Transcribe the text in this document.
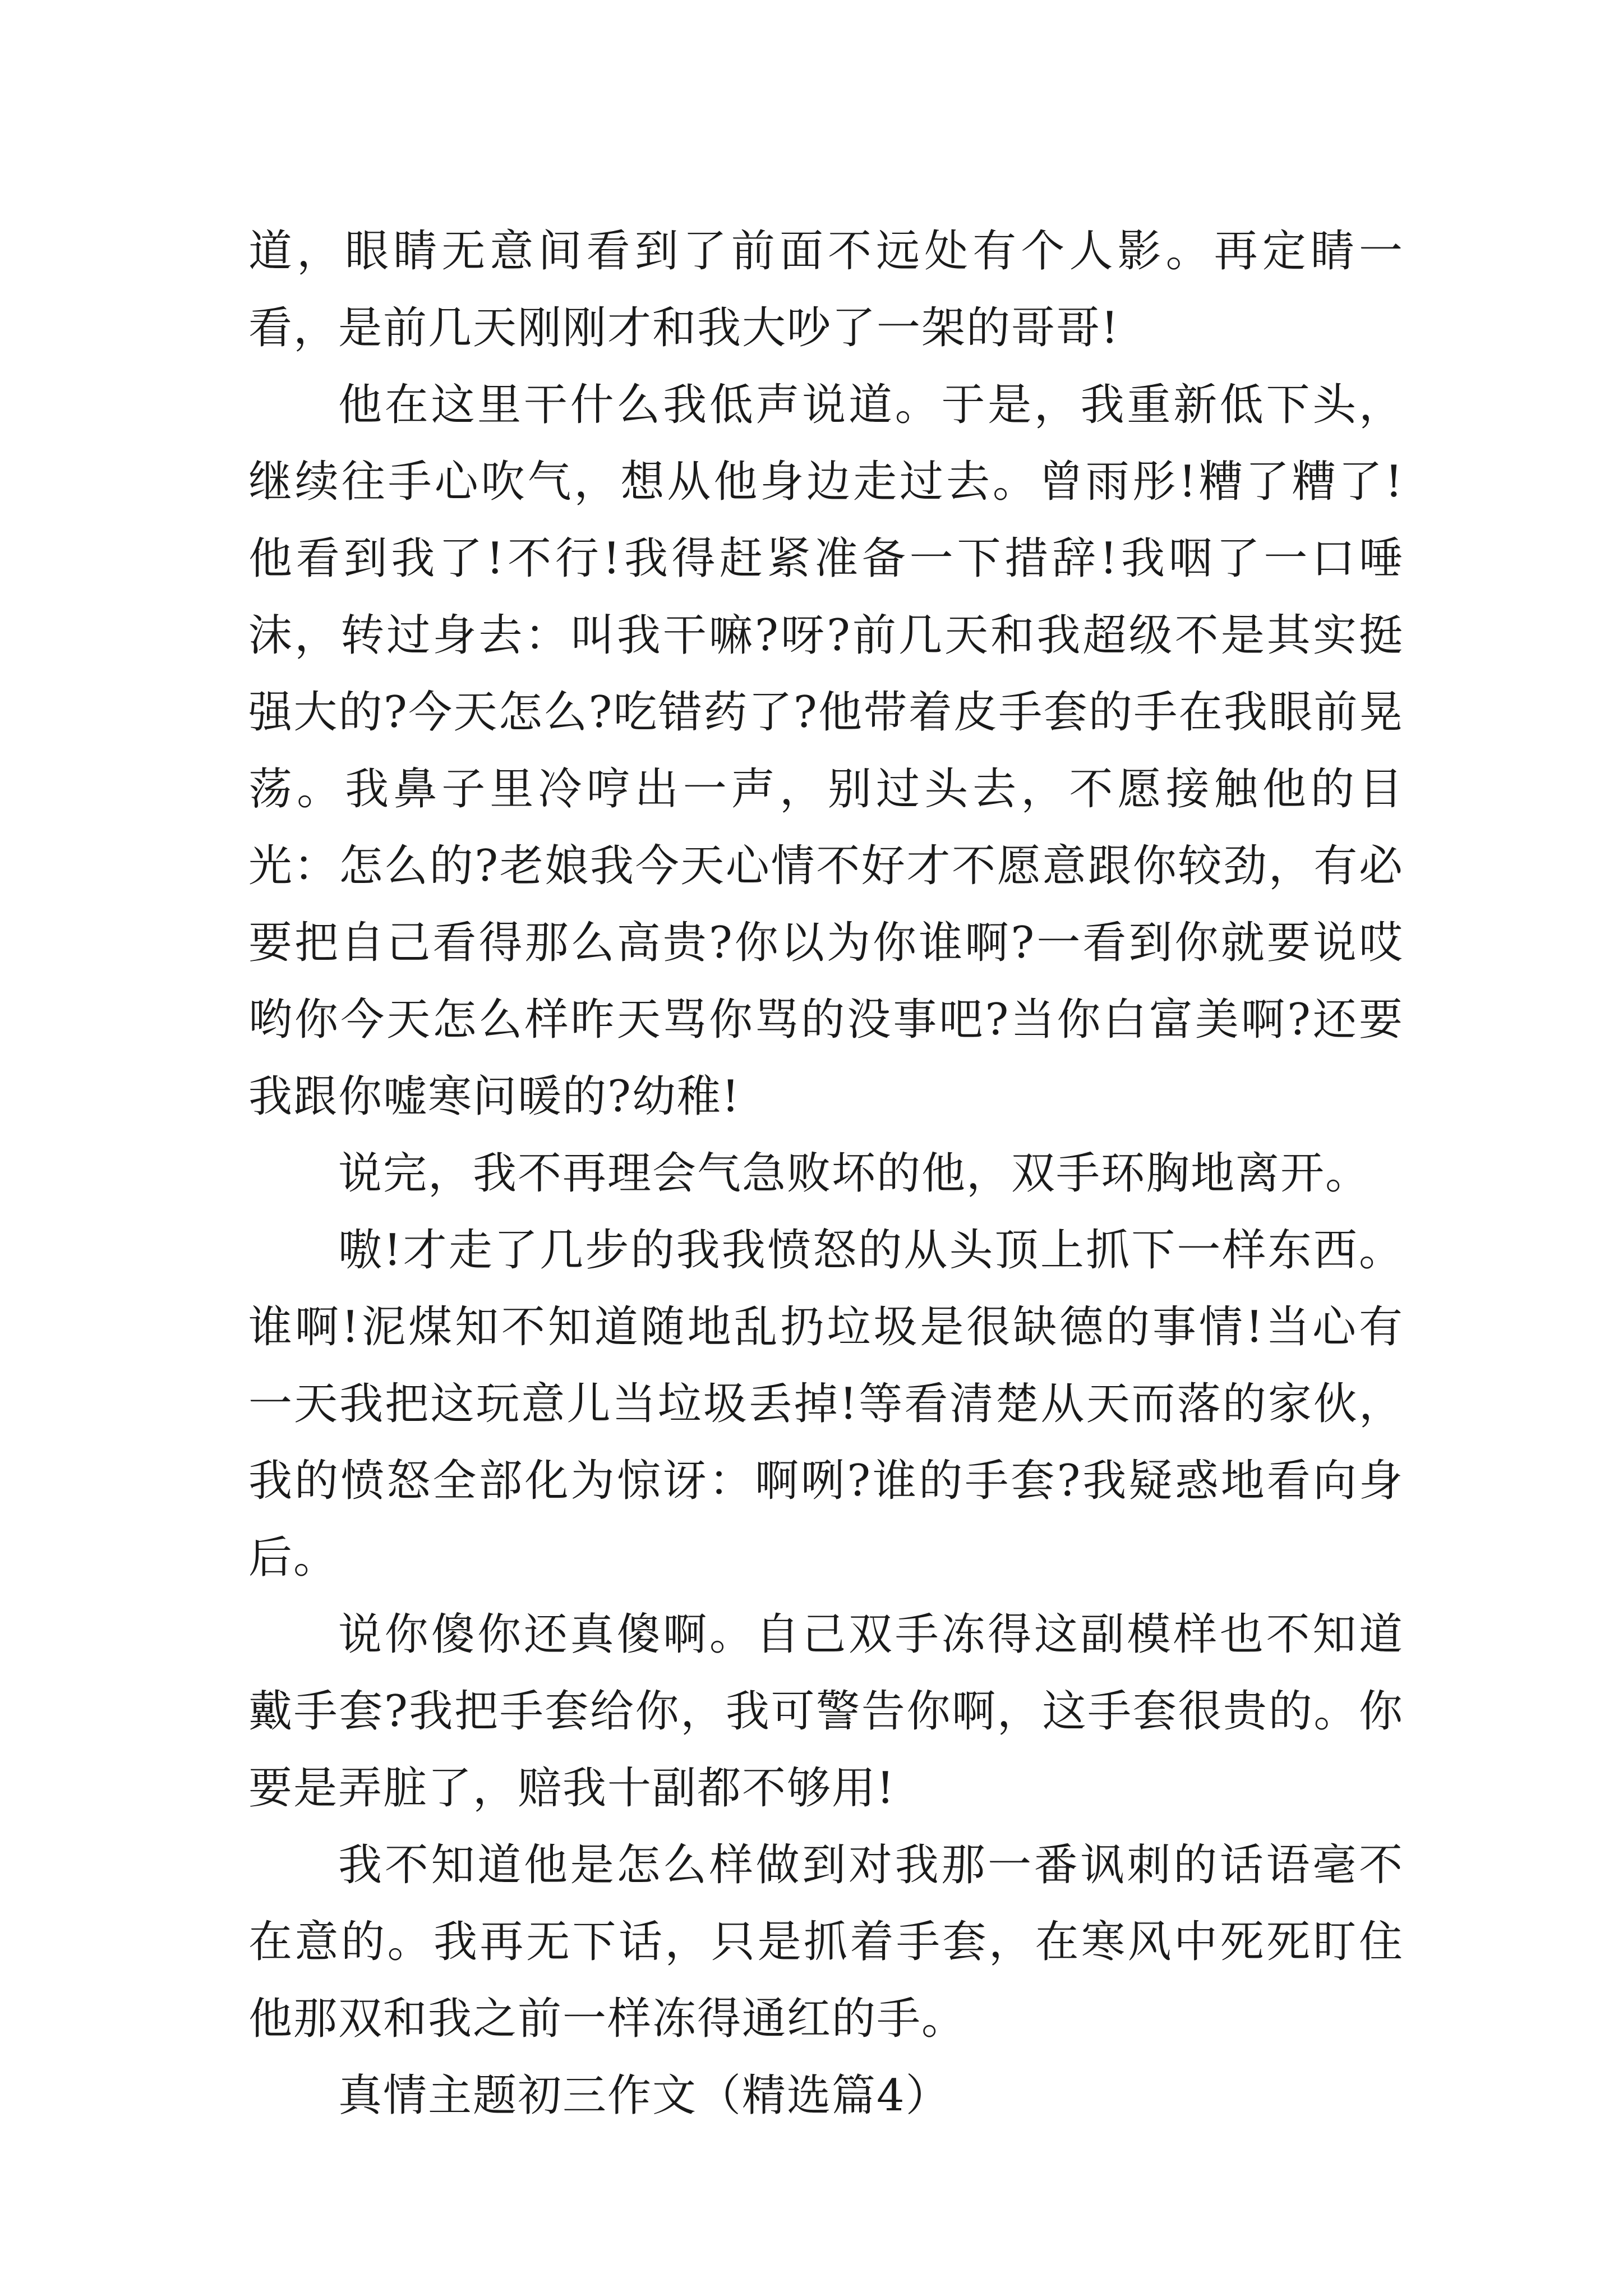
道，眼睛无意间看到了前面不远处有个人影。再定睛一看，是前几天刚刚才和我大吵了一架的哥哥!

他在这里干什么我低声说道。于是，我重新低下头，继续往手心吹气，想从他身边走过去。曾雨彤!糟了糟了!他看到我了!不行!我得赶紧准备一下措辞!我咽了一口唾沫，转过身去：叫我干嘛?呀?前几天和我超级不是其实挺强大的?今天怎么?吃错药了?他带着皮手套的手在我眼前晃荡。我鼻子里冷哼出一声，别过头去，不愿接触他的目光：怎么的?老娘我今天心情不好才不愿意跟你较劲，有必要把自己看得那么高贵?你以为你谁啊?一看到你就要说哎哟你今天怎么样昨天骂你骂的没事吧?当你白富美啊?还要我跟你嘘寒问暖的?幼稚!

说完，我不再理会气急败坏的他，双手环胸地离开。

嗷!才走了几步的我我愤怒的从头顶上抓下一样东西。谁啊!泥煤知不知道随地乱扔垃圾是很缺德的事情!当心有一天我把这玩意儿当垃圾丢掉!等看清楚从天而落的家伙，我的愤怒全部化为惊讶：啊咧?谁的手套?我疑惑地看向身后。

说你傻你还真傻啊。自己双手冻得这副模样也不知道戴手套?我把手套给你，我可警告你啊，这手套很贵的。你要是弄脏了，赔我十副都不够用!

我不知道他是怎么样做到对我那一番讽刺的话语毫不在意的。我再无下话，只是抓着手套，在寒风中死死盯住他那双和我之前一样冻得通红的手。

真情主题初三作文（精选篇4）
